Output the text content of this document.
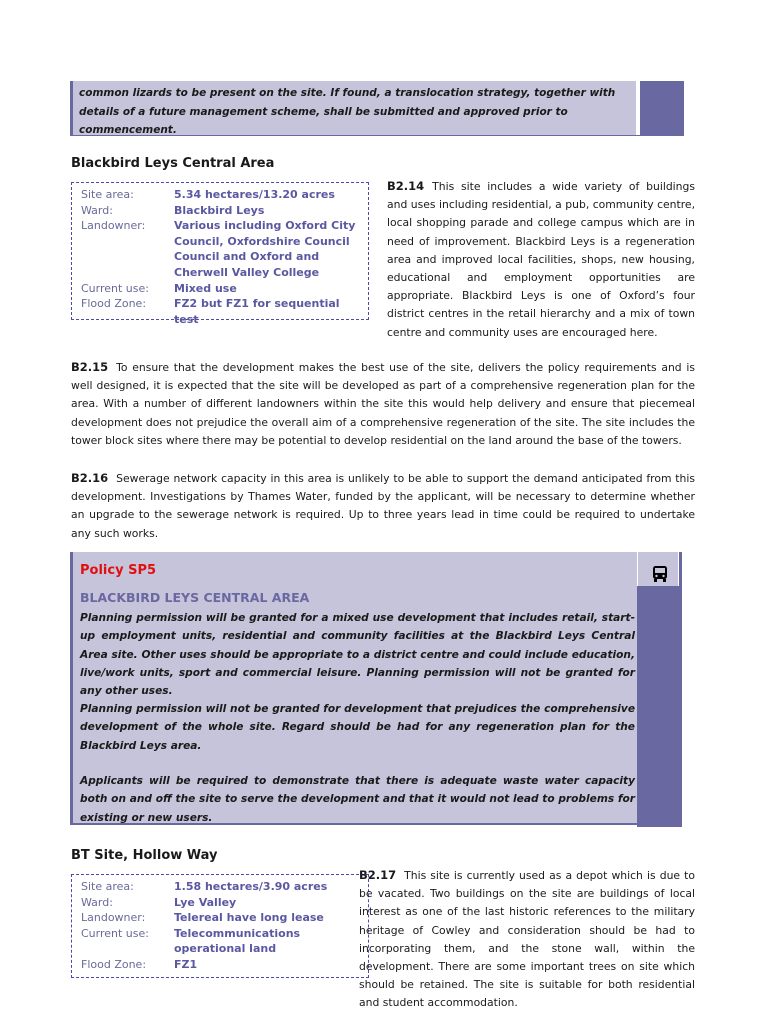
common lizards to be present on the site. If found, a translocation strategy, together with details of a future management scheme, shall be submitted and approved prior to commencement.
Blackbird Leys Central Area
Site area:	5.34 hectares/13.20 acres
Ward:	Blackbird Leys
Landowner:	Various including Oxford City Council, Oxfordshire Council Council and Oxford and Cherwell Valley College
Current use:	Mixed use
Flood Zone:	FZ2 but FZ1 for sequential test
B2.14 This site includes a wide variety of buildings and uses including residential, a pub, community centre, local shopping parade and college campus which are in need of improvement. Blackbird Leys is a regeneration area and improved local facilities, shops, new housing, educational and employment opportunities are appropriate. Blackbird Leys is one of Oxford’s four district centres in the retail hierarchy and a mix of town centre and community uses are encouraged here.
B2.15 To ensure that the development makes the best use of the site, delivers the policy requirements and is well designed, it is expected that the site will be developed as part of a comprehensive regeneration plan for the area. With a number of different landowners within the site this would help delivery and ensure that piecemeal development does not prejudice the overall aim of a comprehensive regeneration of the site. The site includes the tower block sites where there may be potential to develop residential on the land around the base of the towers.
B2.16 Sewerage network capacity in this area is unlikely to be able to support the demand anticipated from this development. Investigations by Thames Water, funded by the applicant, will be necessary to determine whether an upgrade to the sewerage network is required. Up to three years lead in time could be required to undertake any such works.
Policy SP5
BLACKBIRD LEYS CENTRAL AREA
Planning permission will be granted for a mixed use development that includes retail, start-up employment units, residential and community facilities at the Blackbird Leys Central Area site. Other uses should be appropriate to a district centre and could include education, live/work units, sport and commercial leisure. Planning permission will not be granted for any other uses.
Planning permission will not be granted for development that prejudices the comprehensive development of the whole site. Regard should be had for any regeneration plan for the Blackbird Leys area.
Applicants will be required to demonstrate that there is adequate waste water capacity both on and off the site to serve the development and that it would not lead to problems for existing or new users.
BT Site, Hollow Way
Site area:	1.58 hectares/3.90 acres
Ward:	Lye Valley
Landowner:	Telereal have long lease
Current use:	Telecommunications operational land
Flood Zone:	FZ1
B2.17 This site is currently used as a depot which is due to be vacated. Two buildings on the site are buildings of local interest as one of the last historic references to the military heritage of Cowley and consideration should be had to incorporating them, and the stone wall, within the development. There are some important trees on site which should be retained. The site is suitable for both residential and student accommodation.
